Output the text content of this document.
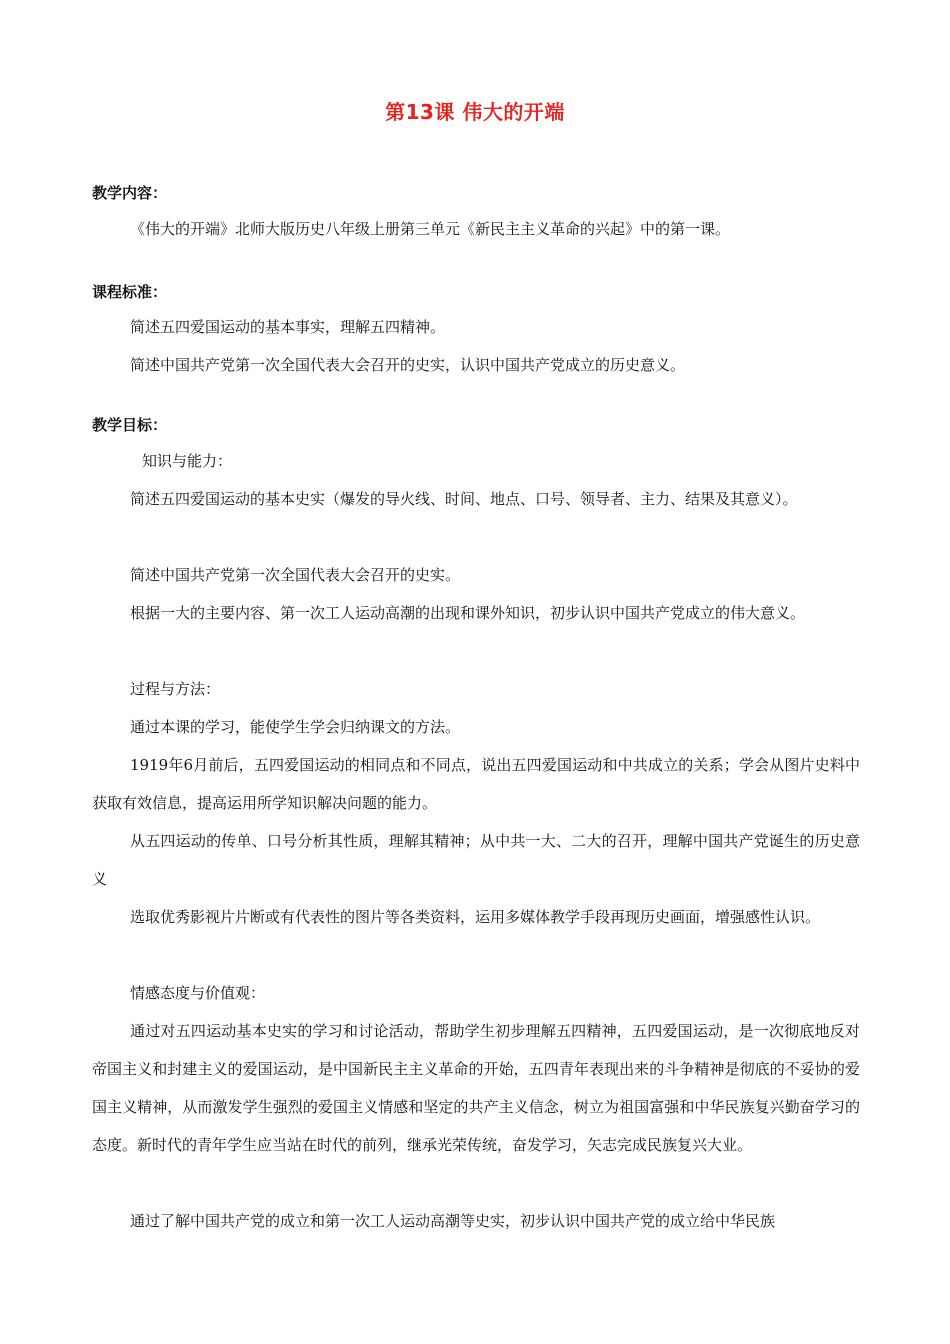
第13课 伟大的开端
教学内容：

《伟大的开端》北师大版历史八年级上册第三单元《新民主主义革命的兴起》中的第一课。

课程标准：

简述五四爱国运动的基本事实，理解五四精神。

简述中国共产党第一次全国代表大会召开的史实，认识中国共产党成立的历史意义。

教学目标：

知识与能力：

简述五四爱国运动的基本史实（爆发的导火线、时间、地点、口号、领导者、主力、结果及其意义）。

简述中国共产党第一次全国代表大会召开的史实。

根据一大的主要内容、第一次工人运动高潮的出现和课外知识，初步认识中国共产党成立的伟大意义。

过程与方法：

通过本课的学习，能使学生学会归纳课文的方法。

1919年6月前后，五四爱国运动的相同点和不同点，说出五四爱国运动和中共成立的关系；学会从图片史料中获取有效信息，提高运用所学知识解决问题的能力。

从五四运动的传单、口号分析其性质，理解其精神；从中共一大、二大的召开，理解中国共产党诞生的历史意义

选取优秀影视片片断或有代表性的图片等各类资料，运用多媒体教学手段再现历史画面，增强感性认识。

情感态度与价值观：

通过对五四运动基本史实的学习和讨论活动，帮助学生初步理解五四精神，五四爱国运动，是一次彻底地反对帝国主义和封建主义的爱国运动，是中国新民主主义革命的开始，五四青年表现出来的斗争精神是彻底的不妥协的爱国主义精神，从而激发学生强烈的爱国主义情感和坚定的共产主义信念，树立为祖国富强和中华民族复兴勤奋学习的态度。新时代的青年学生应当站在时代的前列，继承光荣传统，奋发学习，矢志完成民族复兴大业。

通过了解中国共产党的成立和第一次工人运动高潮等史实，初步认识中国共产党的成立给中华民族
